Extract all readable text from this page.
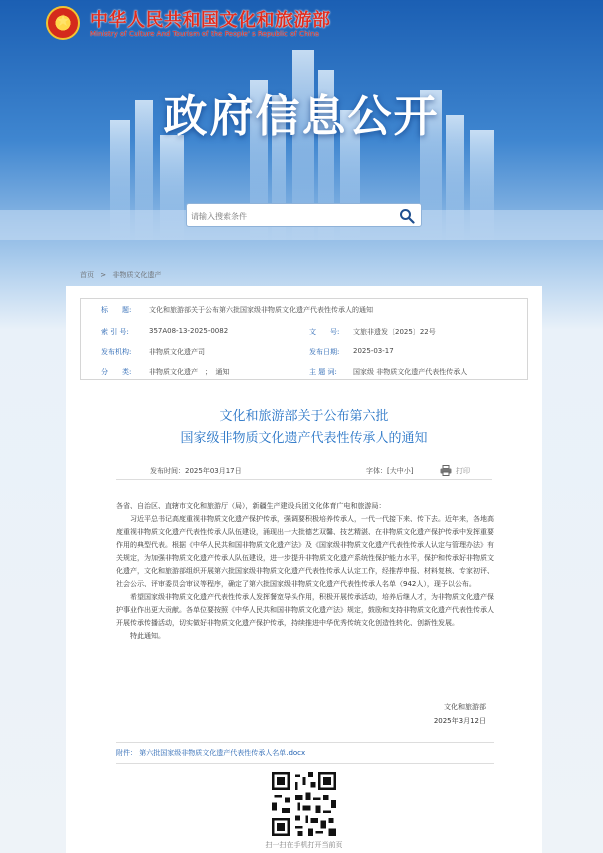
★	中华人民共和国文化和旅游部
Ministry of Culture And Tourism of the People' s Republic of China
政府信息公开
请输入搜索条件
首页 > 非物质文化遗产
标　　题:	文化和旅游部关于公布第六批国家级非物质文化遗产代表性传承人的通知
索 引 号:	357A08-13-2025-0082	文　　号: 文旅非遗发〔2025〕22号
发布机构:	非物质文化遗产司	发布日期: 2025-03-17
分　　类:	非物质文化遗产　；　通知	主 题 词: 国家级 非物质文化遗产代表性传承人
文化和旅游部关于公布第六批
国家级非物质文化遗产代表性传承人的通知
发布时间：2025年03月17日	字体：[大中小]	打印

各省、自治区、直辖市文化和旅游厅（局），新疆生产建设兵团文化体育广电和旅游局：

习近平总书记高度重视非物质文化遗产保护传承，强调要积极培养传承人，一代一代接下来、传下去。近年来，各地高度重视非物质文化遗产代表性传承人队伍建设，涌现出一大批德艺双馨、技艺精湛、在非物质文化遗产保护传承中发挥重要作用的典型代表。根据《中华人民共和国非物质文化遗产法》及《国家级非物质文化遗产代表性传承人认定与管理办法》有关规定，为加强非物质文化遗产传承人队伍建设，进一步提升非物质文化遗产系统性保护能力水平，保护和传承好非物质文化遗产，文化和旅游部组织开展第六批国家级非物质文化遗产代表性传承人认定工作，经推荐申报、材料复核、专家初评、社会公示、评审委员会审议等程序，确定了第六批国家级非物质文化遗产代表性传承人名单（942人），现予以公布。

希望国家级非物质文化遗产代表性传承人发挥餐宽导头作用，积极开展传承活动，培养后继人才，为非物质文化遗产保护事业作出更大贡献。各单位要按照《中华人民共和国非物质文化遗产法》规定，鼓励和支持非物质文化遗产代表性传承人开展传承传播活动，切实做好非物质文化遗产保护传承，持续推进中华优秀传统文化创造性转化、创新性发展。

特此通知。

文化和旅游部
2025年3月12日
附件： 第六批国家级非物质文化遗产代表性传承人名单.docx
扫一扫在手机打开当前页
